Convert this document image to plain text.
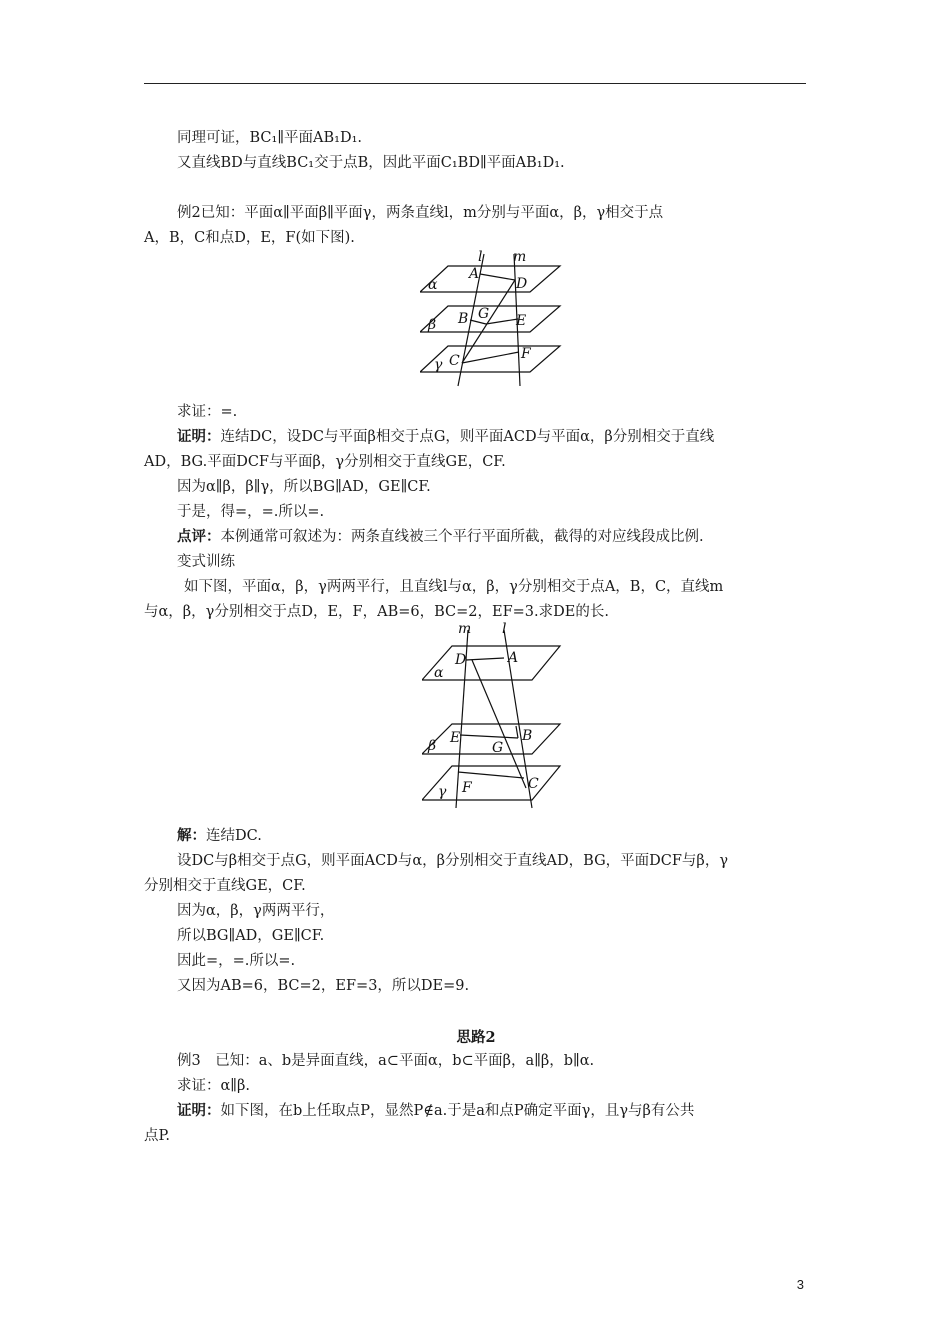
同理可证，BC₁∥平面AB₁D₁.
又直线BD与直线BC₁交于点B，因此平面C₁BD∥平面AB₁D₁.
例2已知：平面α∥平面β∥平面γ，两条直线l，m分别与平面α，β，γ相交于点
A，B，C和点D，E，F(如下图).
l m
A
D
α
β B G E
γ C	F
求证：=.
证明：连结DC，设DC与平面β相交于点G，则平面ACD与平面α，β分别相交于直线
AD，BG.平面DCF与平面β，γ分别相交于直线GE，CF.
因为α∥β，β∥γ，所以BG∥AD，GE∥CF.
于是，得=，=.所以=.
点评：本例通常可叙述为：两条直线被三个平行平面所截，截得的对应线段成比例.
变式训练
如下图，平面α，β，γ两两平行，且直线l与α，β，γ分别相交于点A，B，C，直线m
与α，β，γ分别相交于点D，E，F，AB=6，BC=2，EF=3.求DE的长.
m l
D	A
α
β E
G
B
γ F	C
解：连结DC.
设DC与β相交于点G，则平面ACD与α，β分别相交于直线AD，BG，平面DCF与β，γ
分别相交于直线GE，CF.
因为α，β，γ两两平行，
所以BG∥AD，GE∥CF.
因此=，=.所以=.
又因为AB=6，BC=2，EF=3，所以DE=9.
思路2
例3　已知：a、b是异面直线，a⊂平面α，b⊂平面β，a∥β，b∥α.
求证：α∥β.
证明：如下图，在b上任取点P，显然P∉a.于是a和点P确定平面γ，且γ与β有公共
点P.
3
